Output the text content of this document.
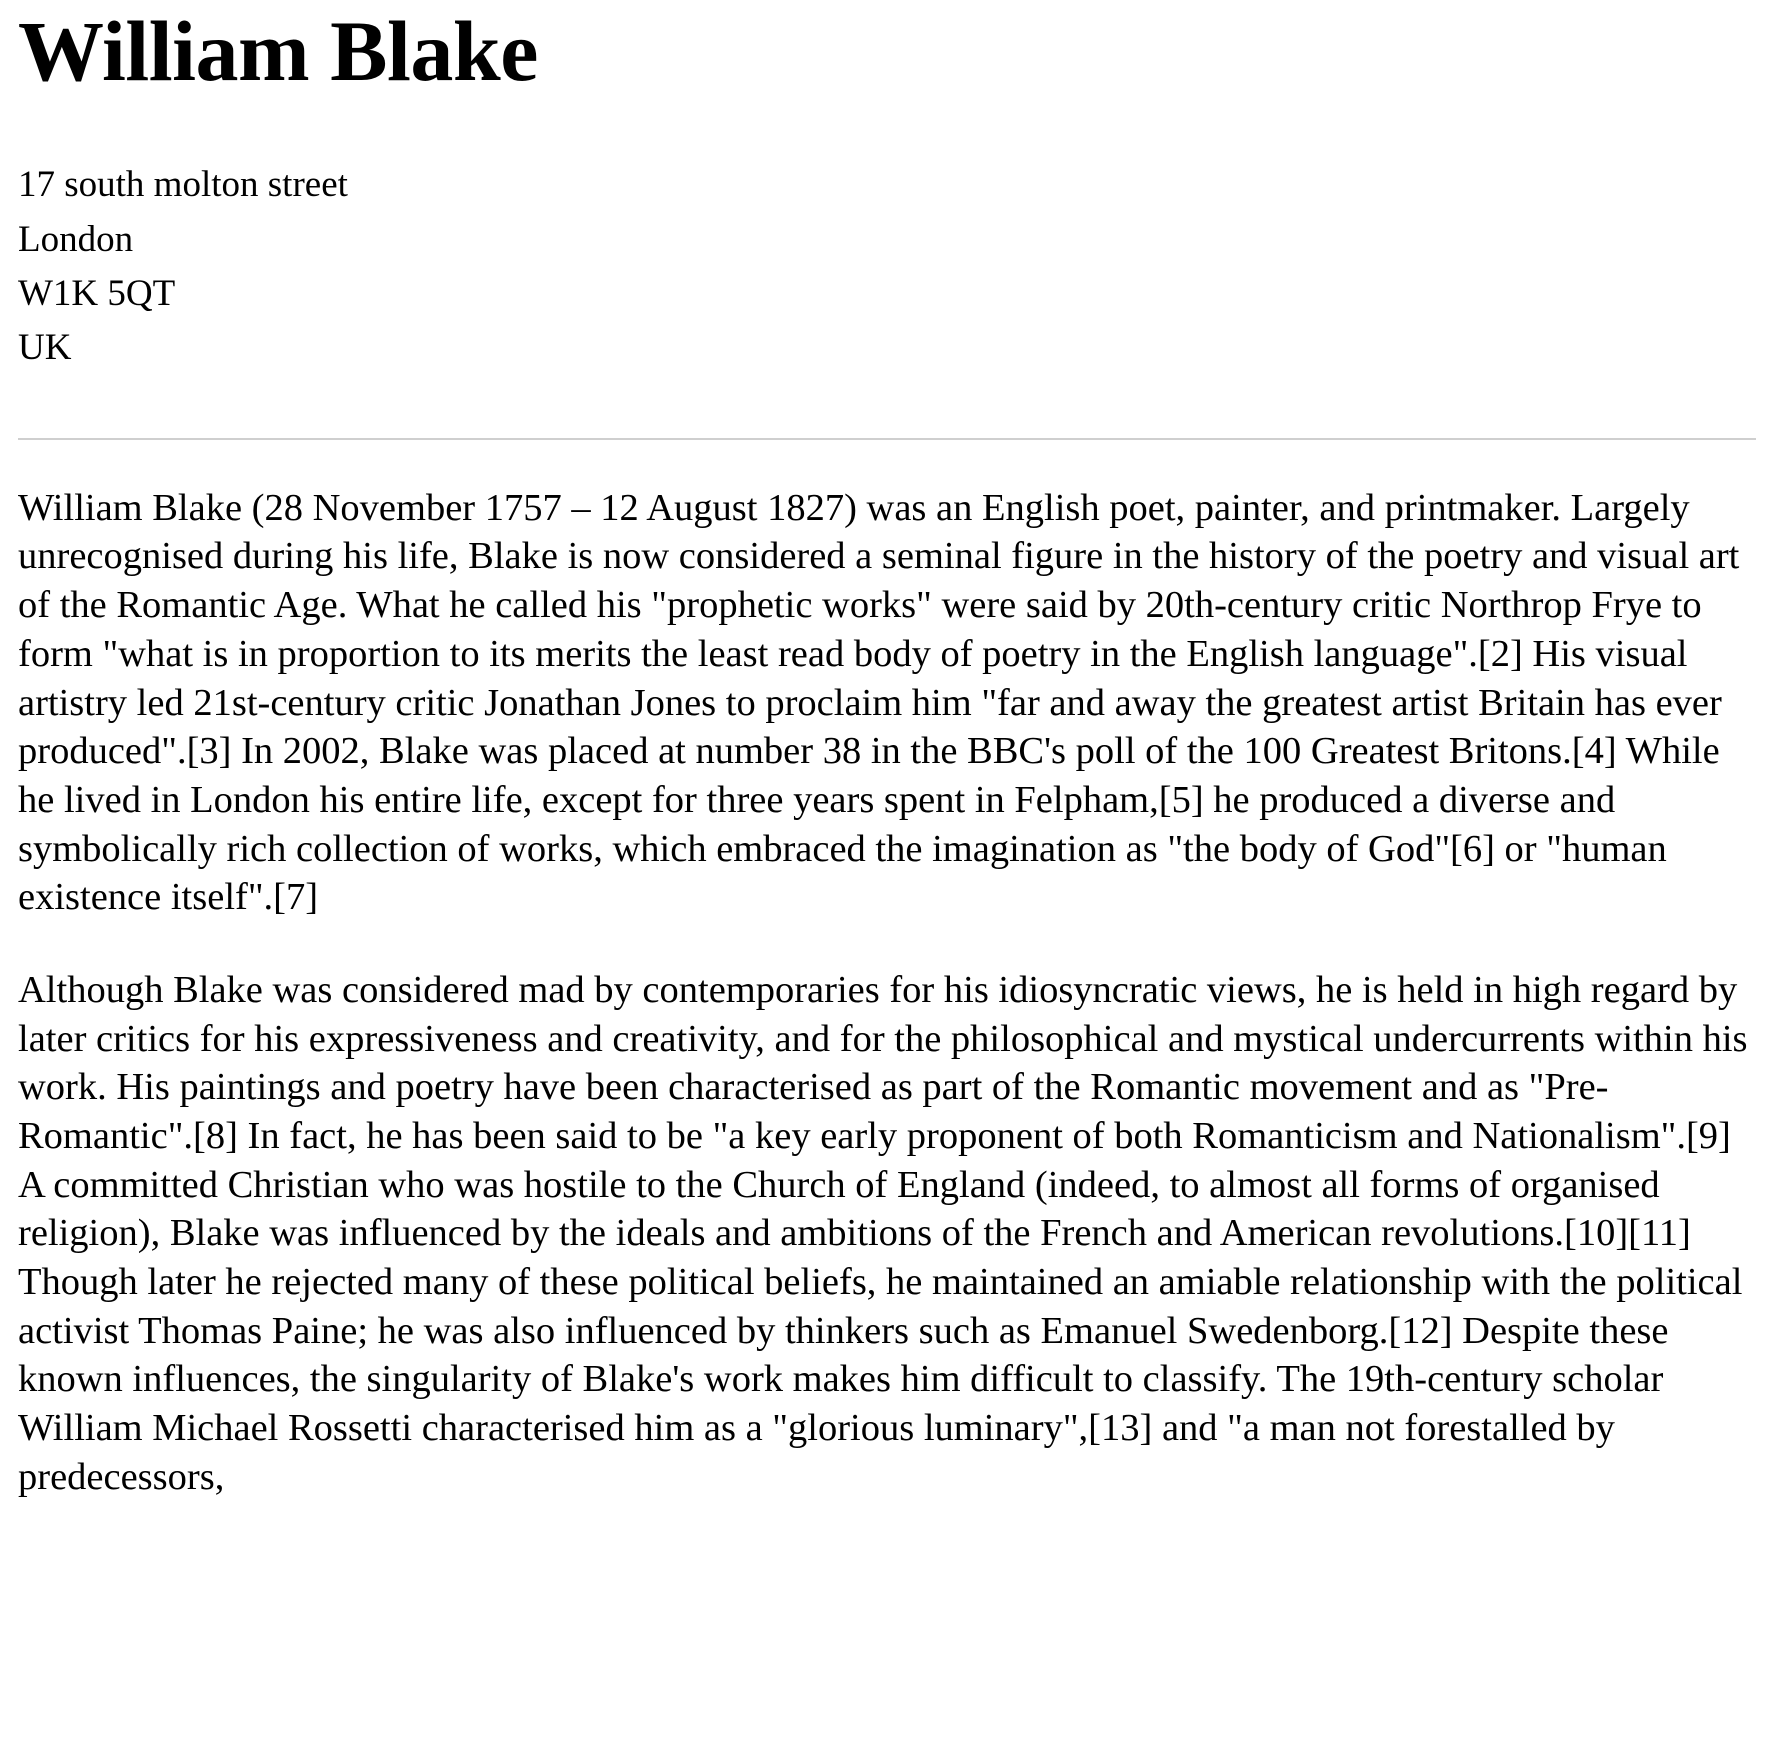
William Blake
17 south molton street
London
W1K 5QT
UK

William Blake (28 November 1757 – 12 August 1827) was an English poet, painter, and printmaker. Largely unrecognised during his life, Blake is now considered a seminal figure in the history of the poetry and visual art of the Romantic Age. What he called his "prophetic works" were said by 20th-century critic Northrop Frye to form "what is in proportion to its merits the least read body of poetry in the English language".[2] His visual artistry led 21st-century critic Jonathan Jones to proclaim him "far and away the greatest artist Britain has ever produced".[3] In 2002, Blake was placed at number 38 in the BBC's poll of the 100 Greatest Britons.[4] While he lived in London his entire life, except for three years spent in Felpham,[5] he produced a diverse and symbolically rich collection of works, which embraced the imagination as "the body of God"[6] or "human existence itself".[7]

Although Blake was considered mad by contemporaries for his idiosyncratic views, he is held in high regard by later critics for his expressiveness and creativity, and for the philosophical and mystical undercurrents within his work. His paintings and poetry have been characterised as part of the Romantic movement and as "Pre-Romantic".[8] In fact, he has been said to be "a key early proponent of both Romanticism and Nationalism".[9] A committed Christian who was hostile to the Church of England (indeed, to almost all forms of organised religion), Blake was influenced by the ideals and ambitions of the French and American revolutions.[10][11] Though later he rejected many of these political beliefs, he maintained an amiable relationship with the political activist Thomas Paine; he was also influenced by thinkers such as Emanuel Swedenborg.[12] Despite these known influences, the singularity of Blake's work makes him difficult to classify. The 19th-century scholar William Michael Rossetti characterised him as a "glorious luminary",[13] and "a man not forestalled by predecessors,
